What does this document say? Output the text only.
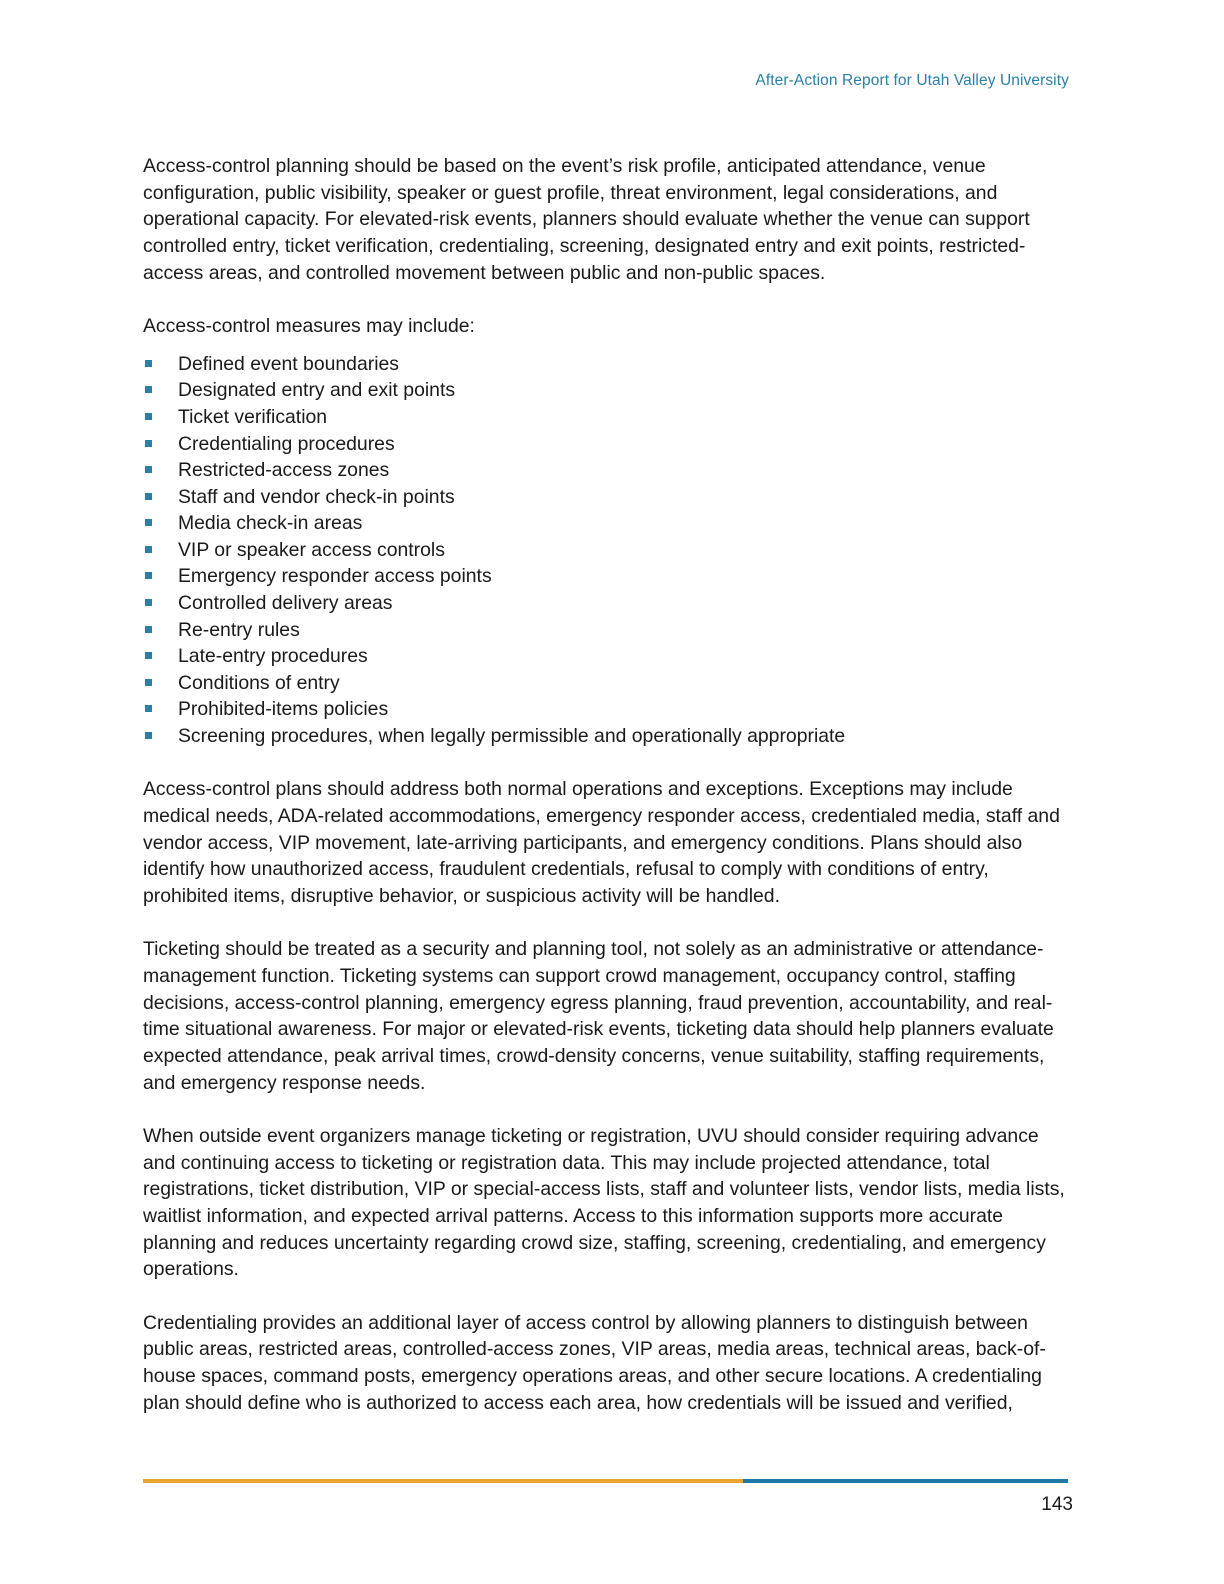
After-Action Report for Utah Valley University

Access-control planning should be based on the event’s risk profile, anticipated attendance, venue configuration, public visibility, speaker or guest profile, threat environment, legal considerations, and operational capacity. For elevated-risk events, planners should evaluate whether the venue can support controlled entry, ticket verification, credentialing, screening, designated entry and exit points, restricted-access areas, and controlled movement between public and non-public spaces.

Access-control measures may include:

Defined event boundaries
Designated entry and exit points
Ticket verification
Credentialing procedures
Restricted-access zones
Staff and vendor check-in points
Media check-in areas
VIP or speaker access controls
Emergency responder access points
Controlled delivery areas
Re-entry rules
Late-entry procedures
Conditions of entry
Prohibited-items policies
Screening procedures, when legally permissible and operationally appropriate

Access-control plans should address both normal operations and exceptions. Exceptions may include medical needs, ADA-related accommodations, emergency responder access, credentialed media, staff and vendor access, VIP movement, late-arriving participants, and emergency conditions. Plans should also identify how unauthorized access, fraudulent credentials, refusal to comply with conditions of entry, prohibited items, disruptive behavior, or suspicious activity will be handled.

Ticketing should be treated as a security and planning tool, not solely as an administrative or attendance-management function. Ticketing systems can support crowd management, occupancy control, staffing decisions, access-control planning, emergency egress planning, fraud prevention, accountability, and real-time situational awareness. For major or elevated-risk events, ticketing data should help planners evaluate expected attendance, peak arrival times, crowd-density concerns, venue suitability, staffing requirements, and emergency response needs.

When outside event organizers manage ticketing or registration, UVU should consider requiring advance and continuing access to ticketing or registration data. This may include projected attendance, total registrations, ticket distribution, VIP or special-access lists, staff and volunteer lists, vendor lists, media lists, waitlist information, and expected arrival patterns. Access to this information supports more accurate planning and reduces uncertainty regarding crowd size, staffing, screening, credentialing, and emergency operations.

Credentialing provides an additional layer of access control by allowing planners to distinguish between public areas, restricted areas, controlled-access zones, VIP areas, media areas, technical areas, back-of-house spaces, command posts, emergency operations areas, and other secure locations. A credentialing plan should define who is authorized to access each area, how credentials will be issued and verified,

143
